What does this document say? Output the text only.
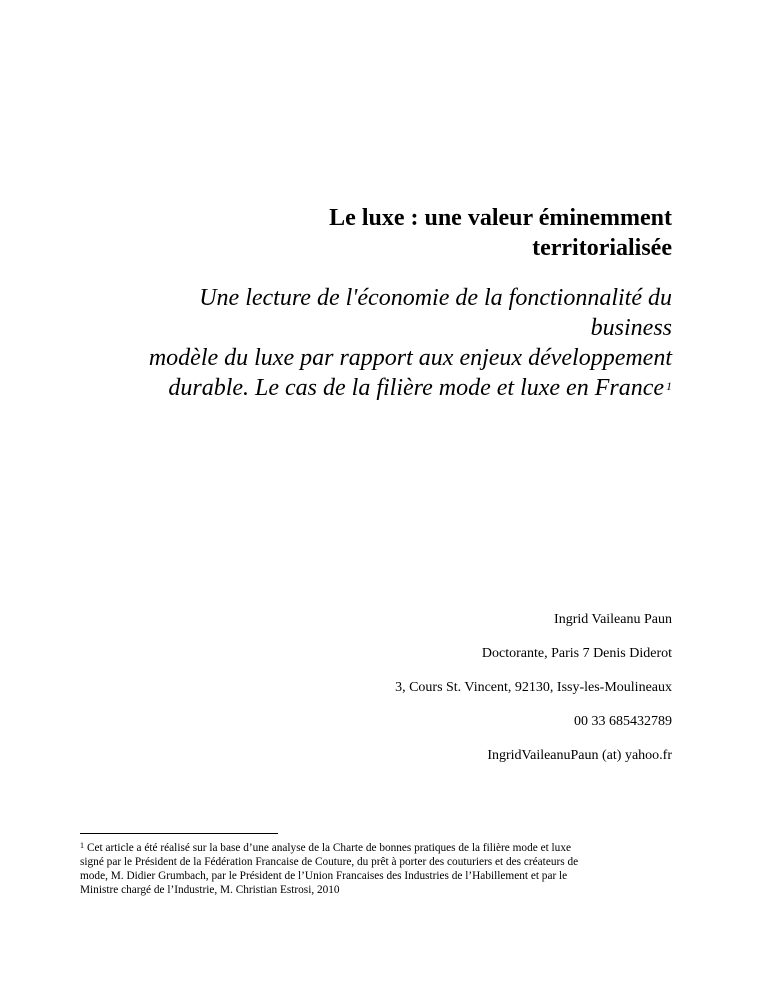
Le luxe : une valeur éminemment
territorialisée

Une lecture de l'économie de la fonctionnalité du business
modèle du luxe par rapport aux enjeux développement
durable. Le cas de la filière mode et luxe en France $^1$

Ingrid Vaileanu Paun
Doctorante, Paris 7 Denis Diderot
3, Cours St. Vincent, 92130, Issy-les-Moulineaux
00 33 685432789
IngridVaileanuPaun (at) yahoo.fr

$^1$ Cet article a été réalisé sur la base d’une analyse de la Charte de bonnes pratiques de la filière mode et luxe
signé par le Président de la Fédération Francaise de Couture, du prêt à porter des couturiers et des créateurs de
mode, M. Didier Grumbach, par le Président de l’Union Francaises des Industries de l’Habillement et par le
Ministre chargé de l’Industrie, M. Christian Estrosi, 2010
